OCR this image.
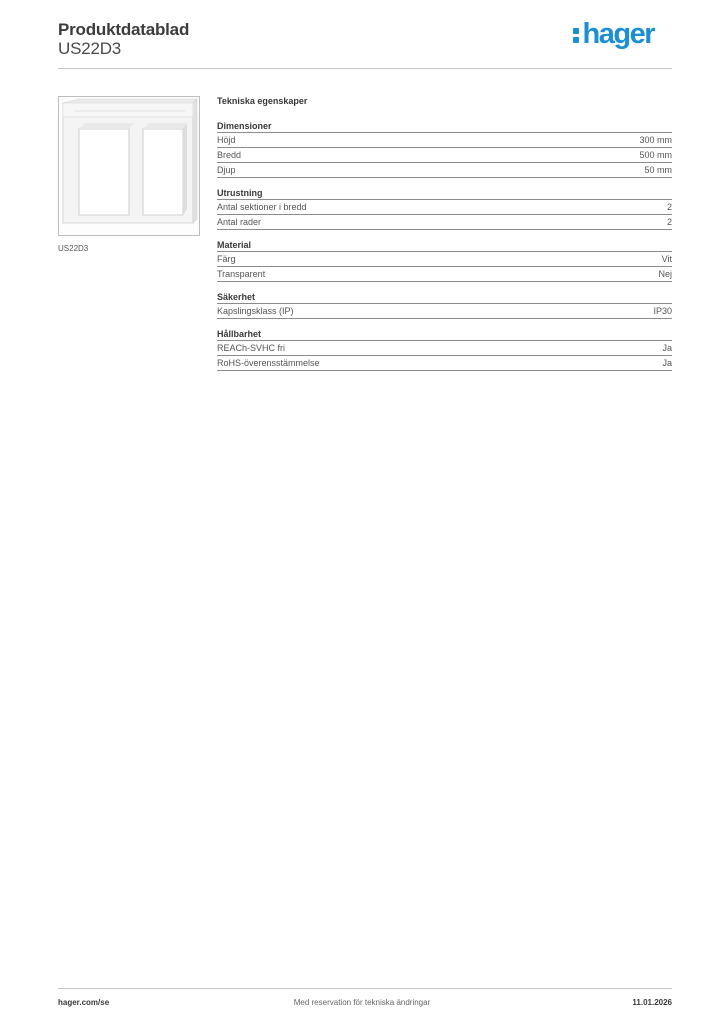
Produktdatablad
US22D3	hager
US22D3
Tekniska egenskaper
Dimensioner
Höjd	300 mm
Bredd	500 mm
Djup	50 mm
Utrustning
Antal sektioner i bredd	2
Antal rader	2
Material
Färg	Vit
Transparent	Nej
Säkerhet
Kapslingsklass (IP)	IP30
Hållbarhet
REACh-SVHC fri	Ja
RoHS-överensstämmelse	Ja
Med reservation för tekniska ändringar
hager.com/se	11.01.2026
